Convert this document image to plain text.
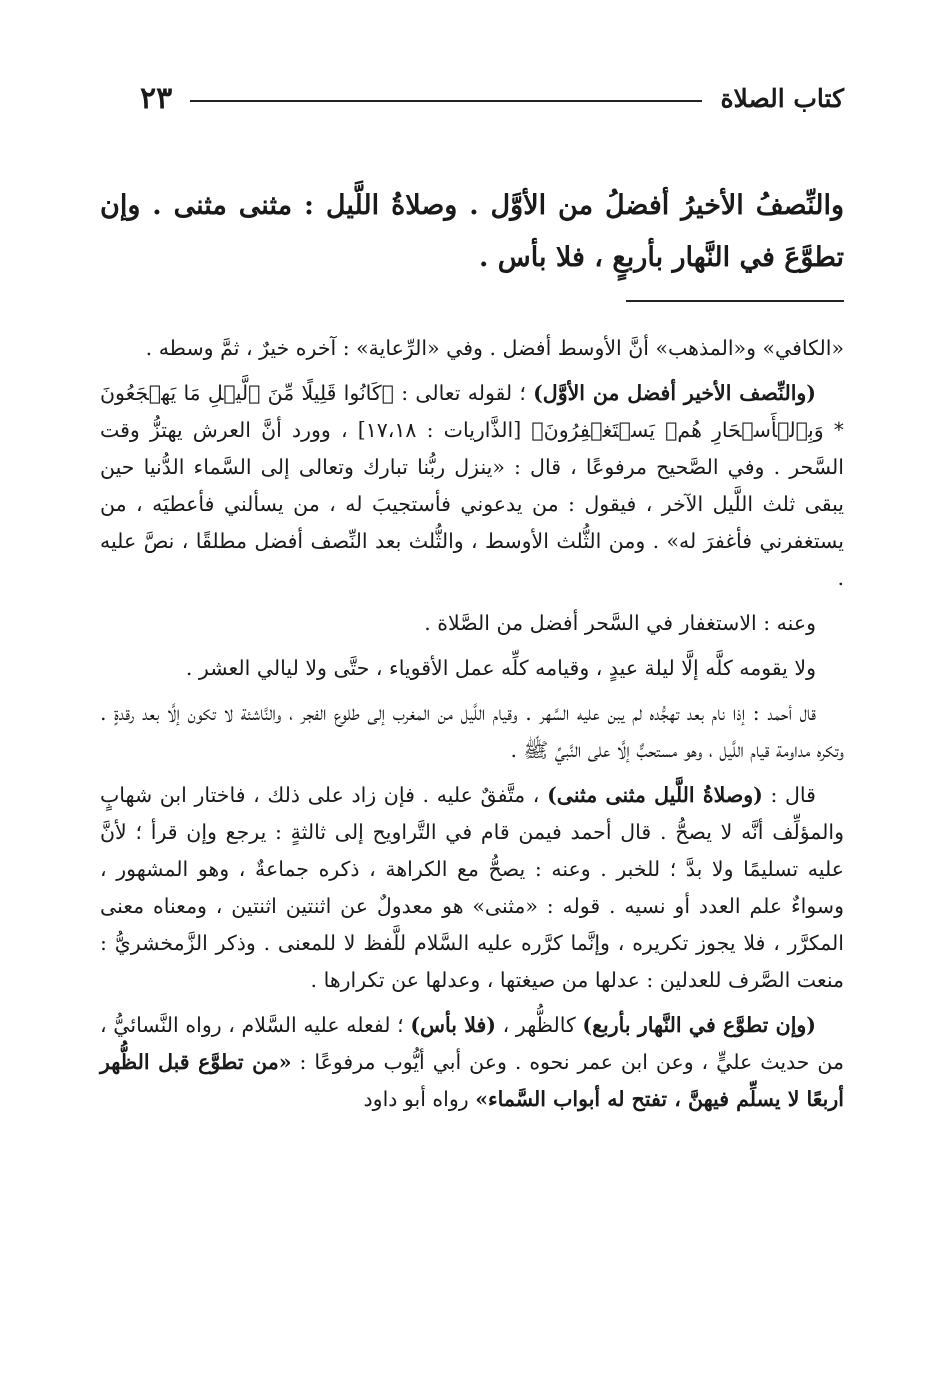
كتاب الصلاة
٢٣

والنِّصفُ الأخيرُ أفضلُ من الأوَّل . وصلاةُ اللَّيل : مثنى مثنى . وإن تطوَّعَ في النَّهار بأربعٍ ، فلا بأس .

«الكافي» و«المذهب» أنَّ الأوسط أفضل . وفي «الرِّعاية» : آخره خيرٌ ، ثمَّ وسطه .

(والنِّصف الأخير أفضل من الأوَّل) ؛ لقوله تعالى : ﴿كَانُوا قَلِيلًا مِّنَ ٱلَّيۡلِ مَا يَهۡجَعُونَ * وَبِٱلۡأَسۡحَارِ هُمۡ يَسۡتَغۡفِرُونَ﴾ [الذَّاريات : ١٧،١٨] ، وورد أنَّ العرش يهتزُّ وقت السَّحر . وفي الصَّحيح مرفوعًا ، قال : «ينزل ربُّنا تبارك وتعالى إلى السَّماء الدُّنيا حين يبقى ثلث اللَّيل الآخر ، فيقول : من يدعوني فأستجيبَ له ، من يسألني فأعطيَه ، من يستغفرني فأغفرَ له» . ومن الثُّلث الأوسط ، والثُّلث بعد النِّصف أفضل مطلقًا ، نصَّ عليه .

وعنه : الاستغفار في السَّحر أفضل من الصَّلاة .

ولا يقومه كلَّه إلَّا ليلة عيدٍ ، وقيامه كلِّه عمل الأقوياء ، حتَّى ولا ليالي العشر .

قال أحمد : إذا نام بعد تهجُّده لم يبن عليه السَّهر . وقيام اللَّيل من المغرب إلى طلوع الفجر ، والنَّاشئة لا تكون إلَّا بعد رقدةٍ . وتكره مداومة قيام اللَّيل ، وهو مستحبٌّ إلَّا على النَّبيِّ ﷺ .

قال : (وصلاةُ اللَّيل مثنى مثنى) ، متَّفقٌ عليه . فإن زاد على ذلك ، فاختار ابن شهابٍ والمؤلِّف أنَّه لا يصحُّ . قال أحمد فيمن قام في التَّراويح إلى ثالثةٍ : يرجع وإن قرأ ؛ لأنَّ عليه تسليمًا ولا بدَّ ؛ للخبر . وعنه : يصحُّ مع الكراهة ، ذكره جماعةٌ ، وهو المشهور ، وسواءٌ علم العدد أو نسيه . قوله : «مثنى» هو معدولٌ عن اثنتين اثنتين ، ومعناه معنى المكرَّر ، فلا يجوز تكريره ، وإنَّما كرَّره عليه السَّلام للَّفظ لا للمعنى . وذكر الزَّمخشريُّ : منعت الصَّرف للعدلين : عدلها من صيغتها ، وعدلها عن تكرارها .

(وإن تطوَّع في النَّهار بأربع) كالظُّهر ، (فلا بأس) ؛ لفعله عليه السَّلام ، رواه النَّسائيُّ ، من حديث عليٍّ ، وعن ابن عمر نحوه . وعن أبي أيُّوب مرفوعًا : «من تطوَّع قبل الظُّهر أربعًا لا يسلِّم فيهنَّ ، تفتح له أبواب السَّماء» رواه أبو داود
